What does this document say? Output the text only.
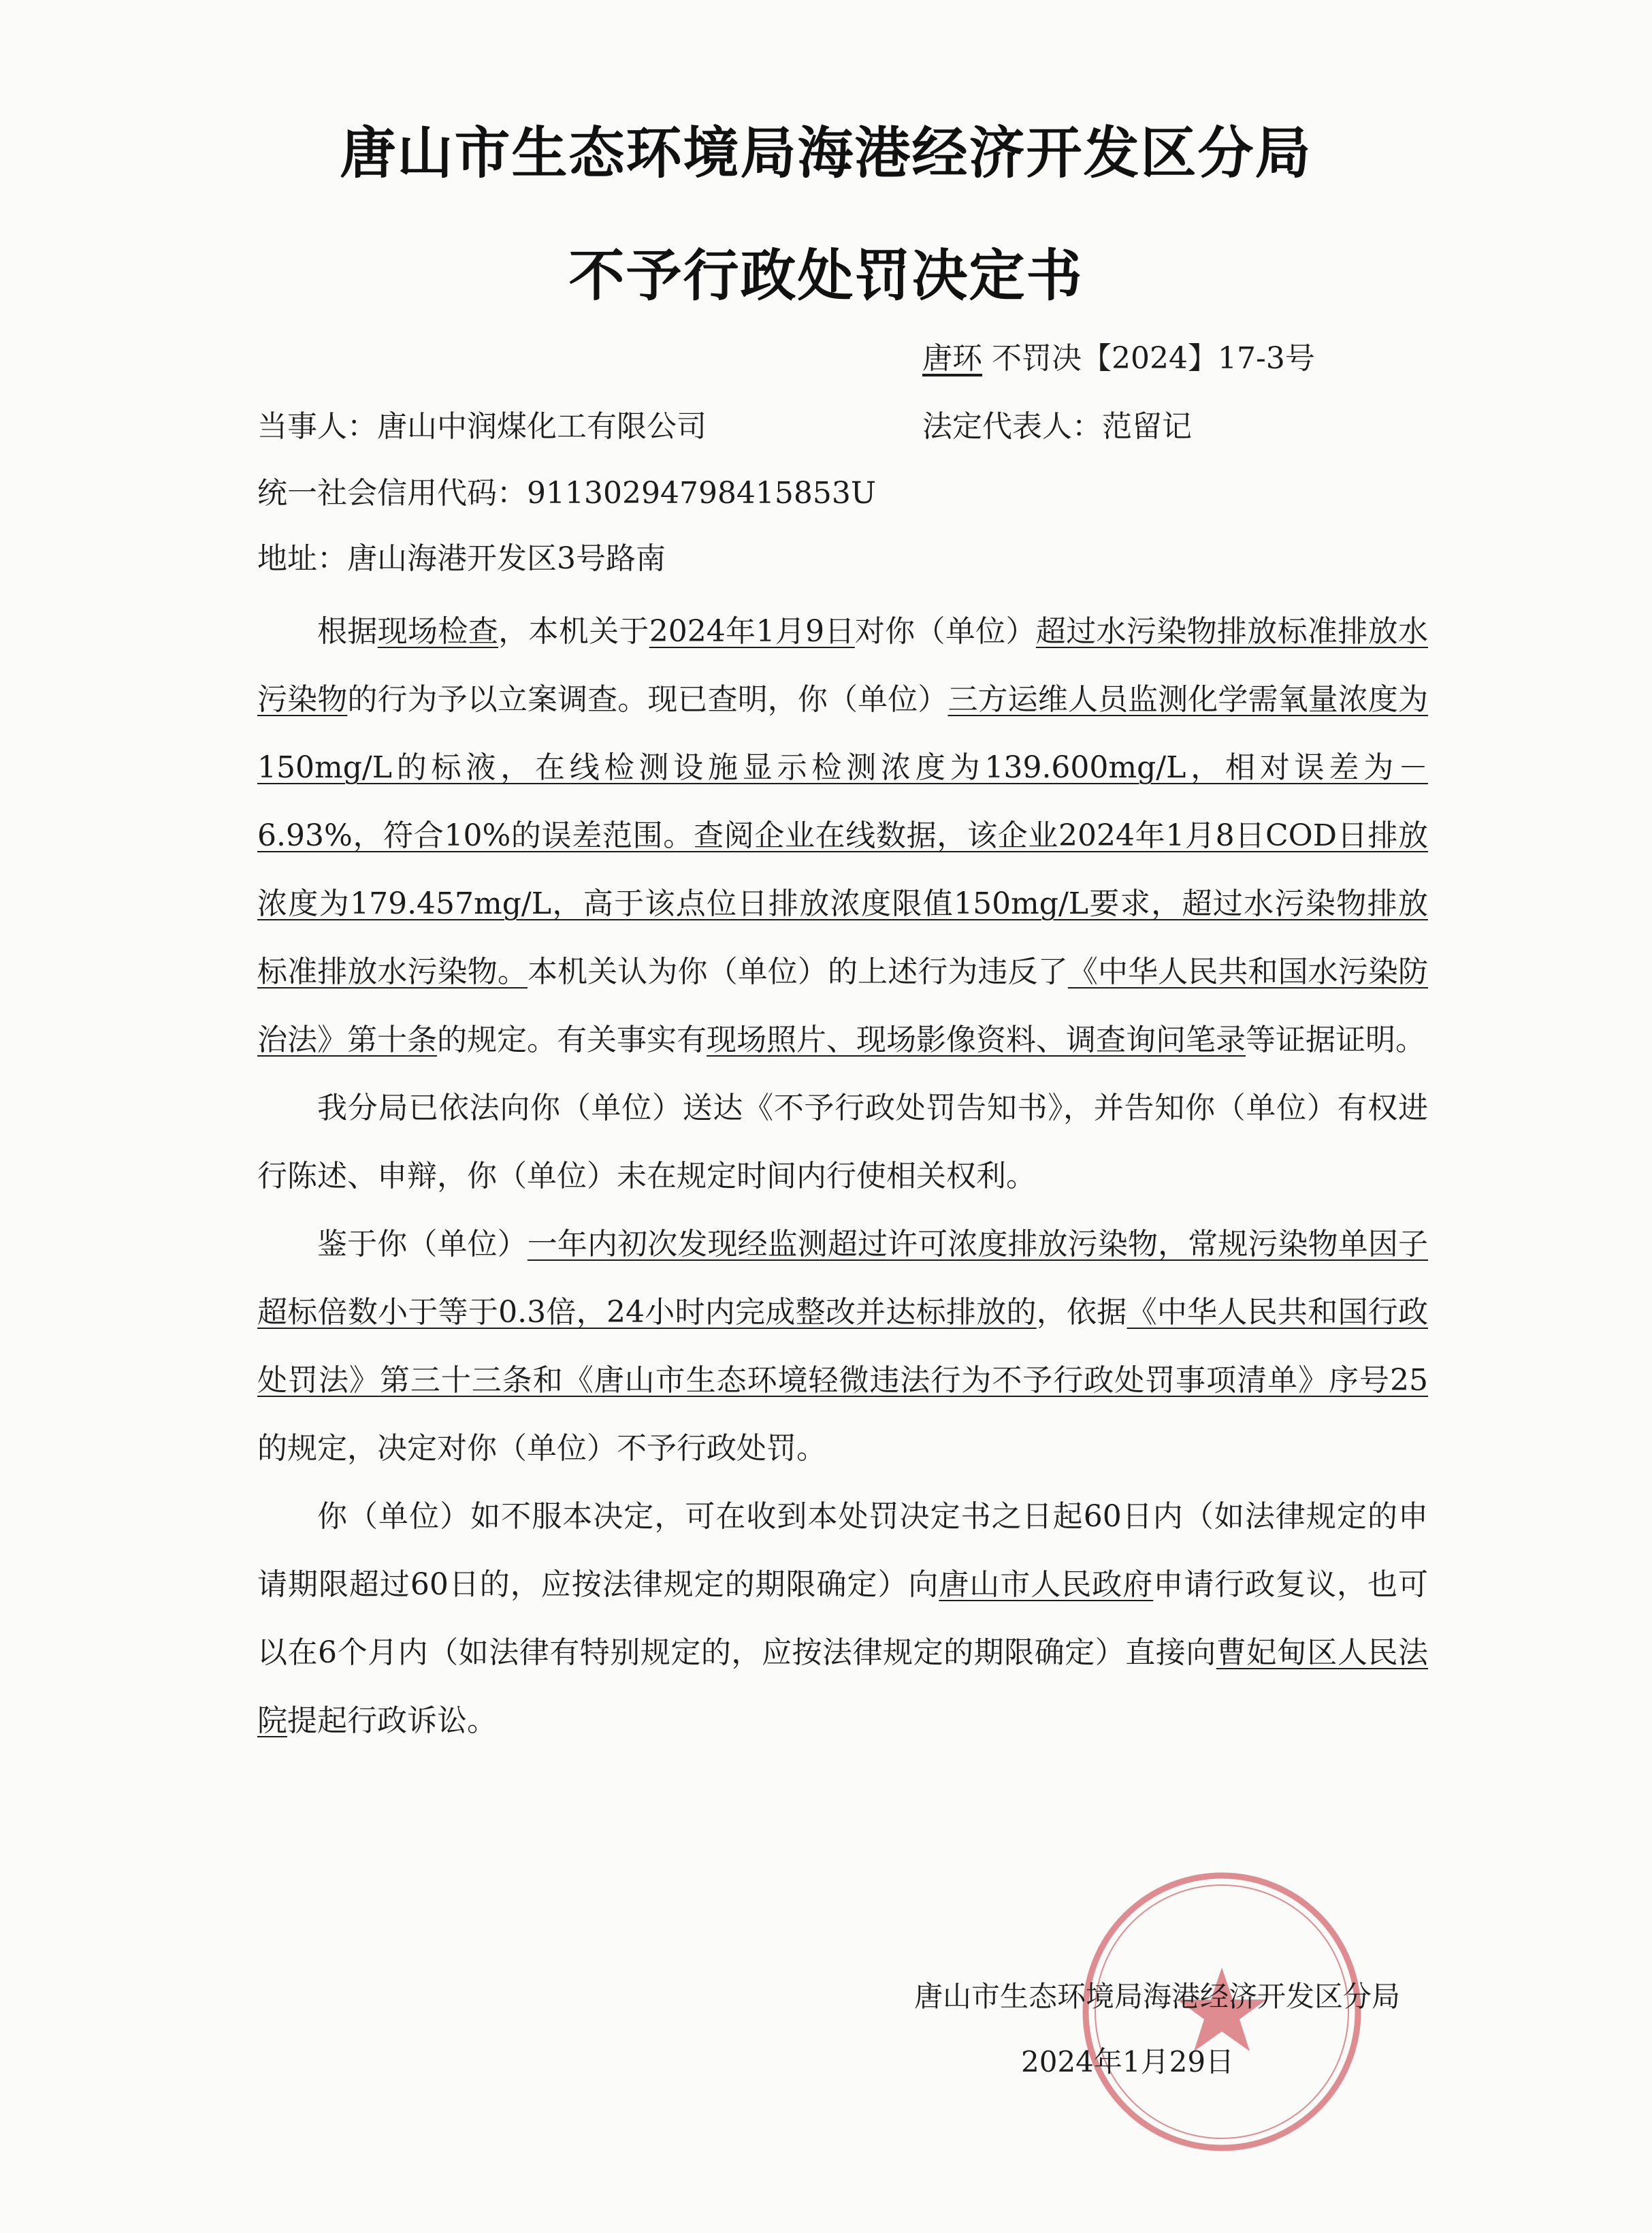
唐山市生态环境局海港经济开发区分局
不予行政处罚决定书
唐环 不罚决【2024】17-3号
当事人：唐山中润煤化工有限公司	法定代表人：范留记
统一社会信用代码：91130294798415853U
地址：唐山海港开发区3号路南

根据现场检查，本机关于2024年1月9日对你（单位）超过水污染物排放标准排放水污染物的行为予以立案调查。现已查明，你（单位）三方运维人员监测化学需氧量浓度为150mg/L的标液，在线检测设施显示检测浓度为139.600mg/L，相对误差为－6.93%，符合10%的误差范围。查阅企业在线数据，该企业2024年1月8日COD日排放浓度为179.457mg/L，高于该点位日排放浓度限值150mg/L要求，超过水污染物排放标准排放水污染物。本机关认为你（单位）的上述行为违反了《中华人民共和国水污染防治法》第十条的规定。有关事实有现场照片、现场影像资料、调查询问笔录等证据证明。

我分局已依法向你（单位）送达《不予行政处罚告知书》，并告知你（单位）有权进行陈述、申辩，你（单位）未在规定时间内行使相关权利。

鉴于你（单位）一年内初次发现经监测超过许可浓度排放污染物，常规污染物单因子超标倍数小于等于0.3倍，24小时内完成整改并达标排放的，依据《中华人民共和国行政处罚法》第三十三条和《唐山市生态环境轻微违法行为不予行政处罚事项清单》序号25的规定，决定对你（单位）不予行政处罚。

你（单位）如不服本决定，可在收到本处罚决定书之日起60日内（如法律规定的申请期限超过60日的，应按法律规定的期限确定）向唐山市人民政府申请行政复议，也可以在6个月内（如法律有特别规定的，应按法律规定的期限确定）直接向曹妃甸区人民法院提起行政诉讼。

唐山市生态环境局海港经济开发区分局
2024年1月29日
